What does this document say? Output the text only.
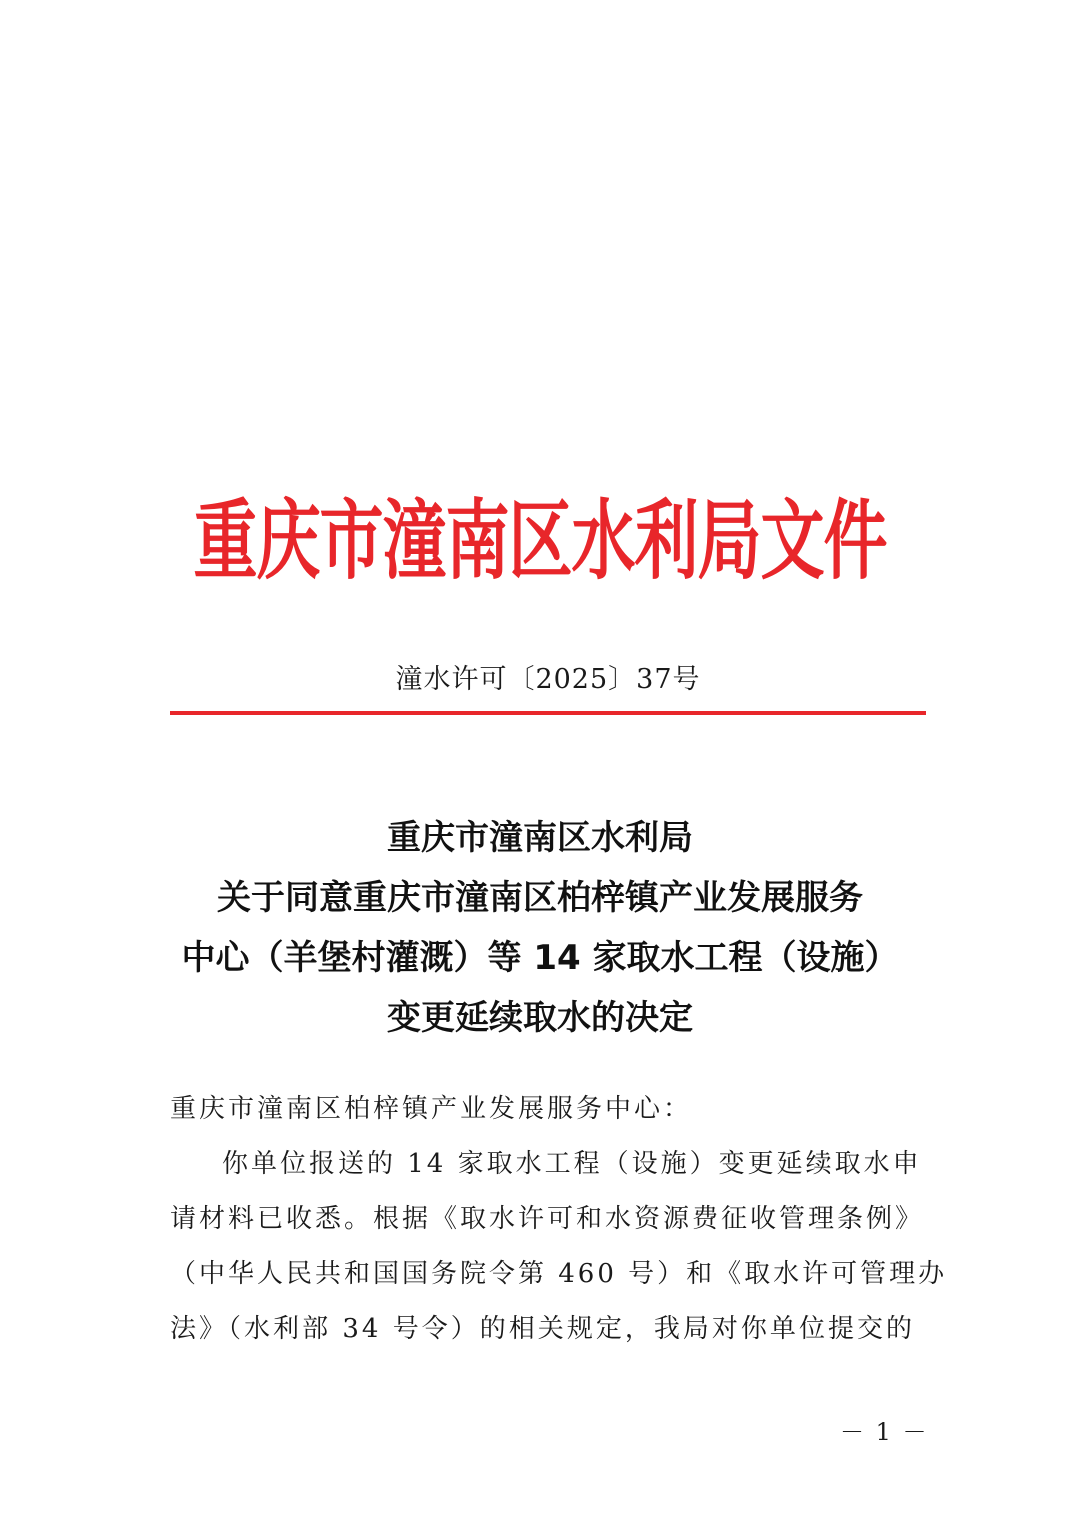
重庆市潼南区水利局文件
潼水许可〔2025〕37号
重庆市潼南区水利局
关于同意重庆市潼南区柏梓镇产业发展服务
中心（羊堡村灌溉）等 14 家取水工程（设施）
变更延续取水的决定
重庆市潼南区柏梓镇产业发展服务中心：
你单位报送的 14 家取水工程（设施）变更延续取水申
请材料已收悉。根据《取水许可和水资源费征收管理条例》
（中华人民共和国国务院令第 460 号）和《取水许可管理办
法》（水利部 34 号令）的相关规定，我局对你单位提交的
－ 1 －
